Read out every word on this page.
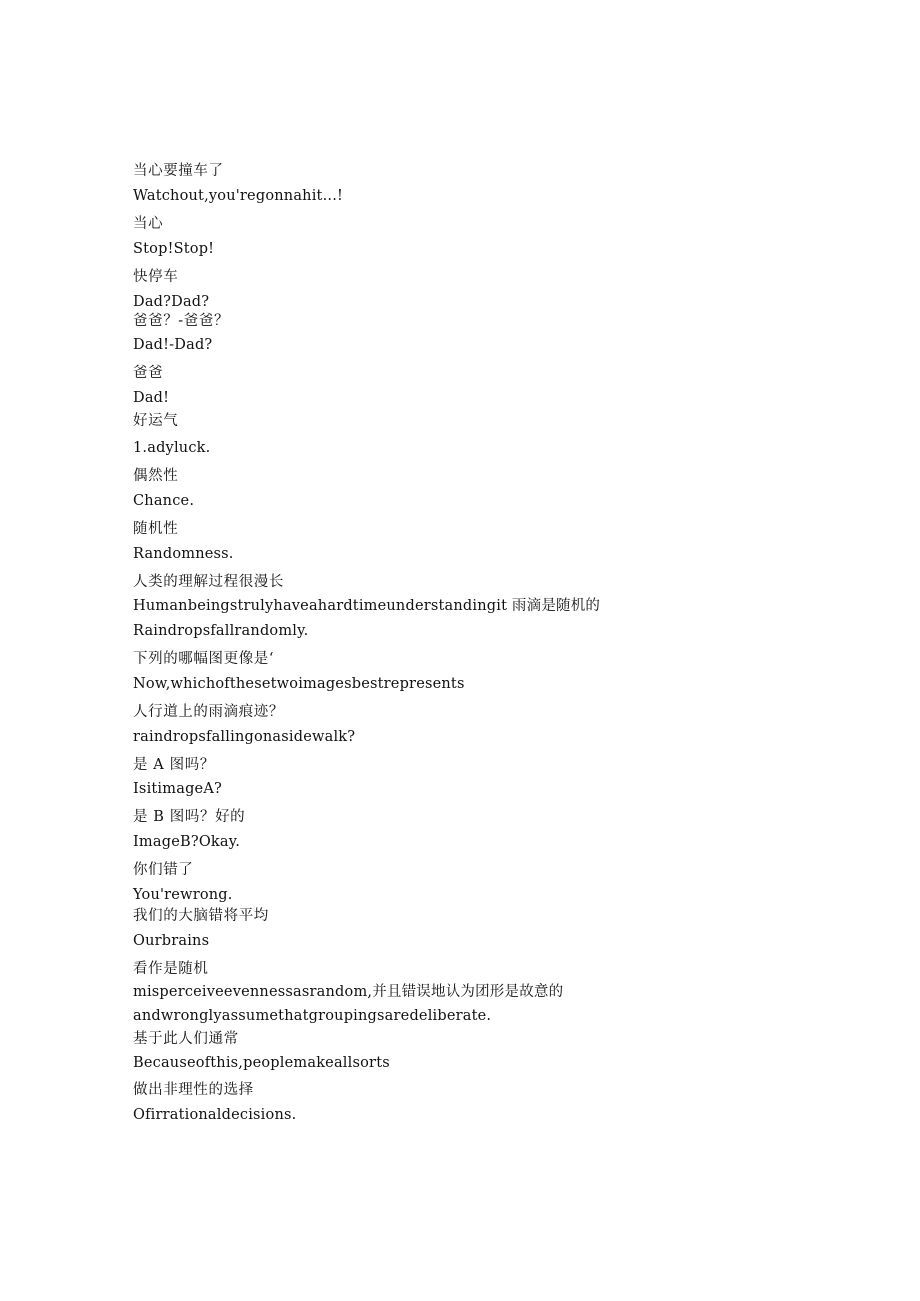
当心要撞车了
Watchout,you'regonnahit...!
当心
Stop!Stop!
快停车
Dad?Dad?
爸爸？-爸爸？
Dad!-Dad?
爸爸
Dad!
好运气
1.adyluck.
偶然性
Chance.
随机性
Randomness.
人类的理解过程很漫长
Humanbeingstrulyhaveahardtimeunderstandingit 雨滴是随机的
Raindropsfallrandomly.
下列的哪幅图更像是‘
Now,whichofthesetwoimagesbestrepresents
人行道上的雨滴痕迹？
raindropsfallingonasidewalk?
是 A 图吗？
IsitimageA?
是 B 图吗？好的
ImageB?Okay.
你们错了
You'rewrong.
我们的大脑错将平均
Ourbrains
看作是随机
misperceiveevennessasrandom,并且错误地认为团形是故意的
andwronglyassumethatgroupingsaredeliberate.
基于此人们通常
Becauseofthis,peoplemakeallsorts
做出非理性的选择
Ofirrationaldecisions.
